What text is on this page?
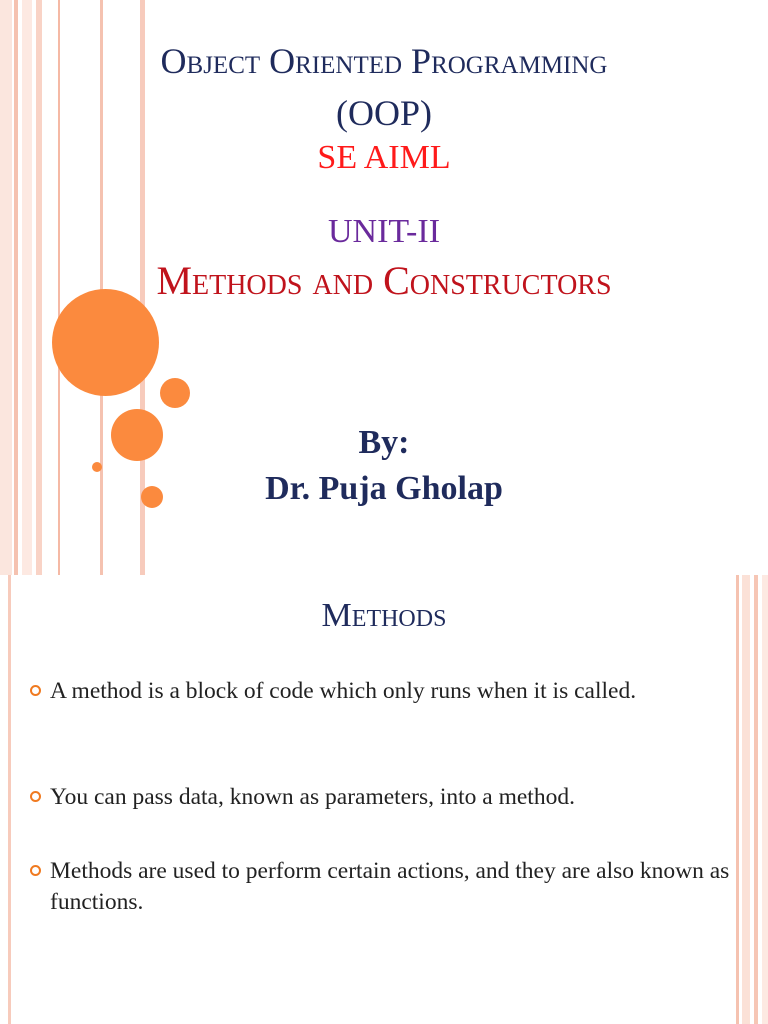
Object Oriented Programming

(OOP)

SE AIML

UNIT-II

Methods and Constructors

By:

Dr. Puja Gholap

Methods

A method is a block of code which only runs when it is called.
You can pass data, known as parameters, into a method.
Methods are used to perform certain actions, and they are also known as functions.
